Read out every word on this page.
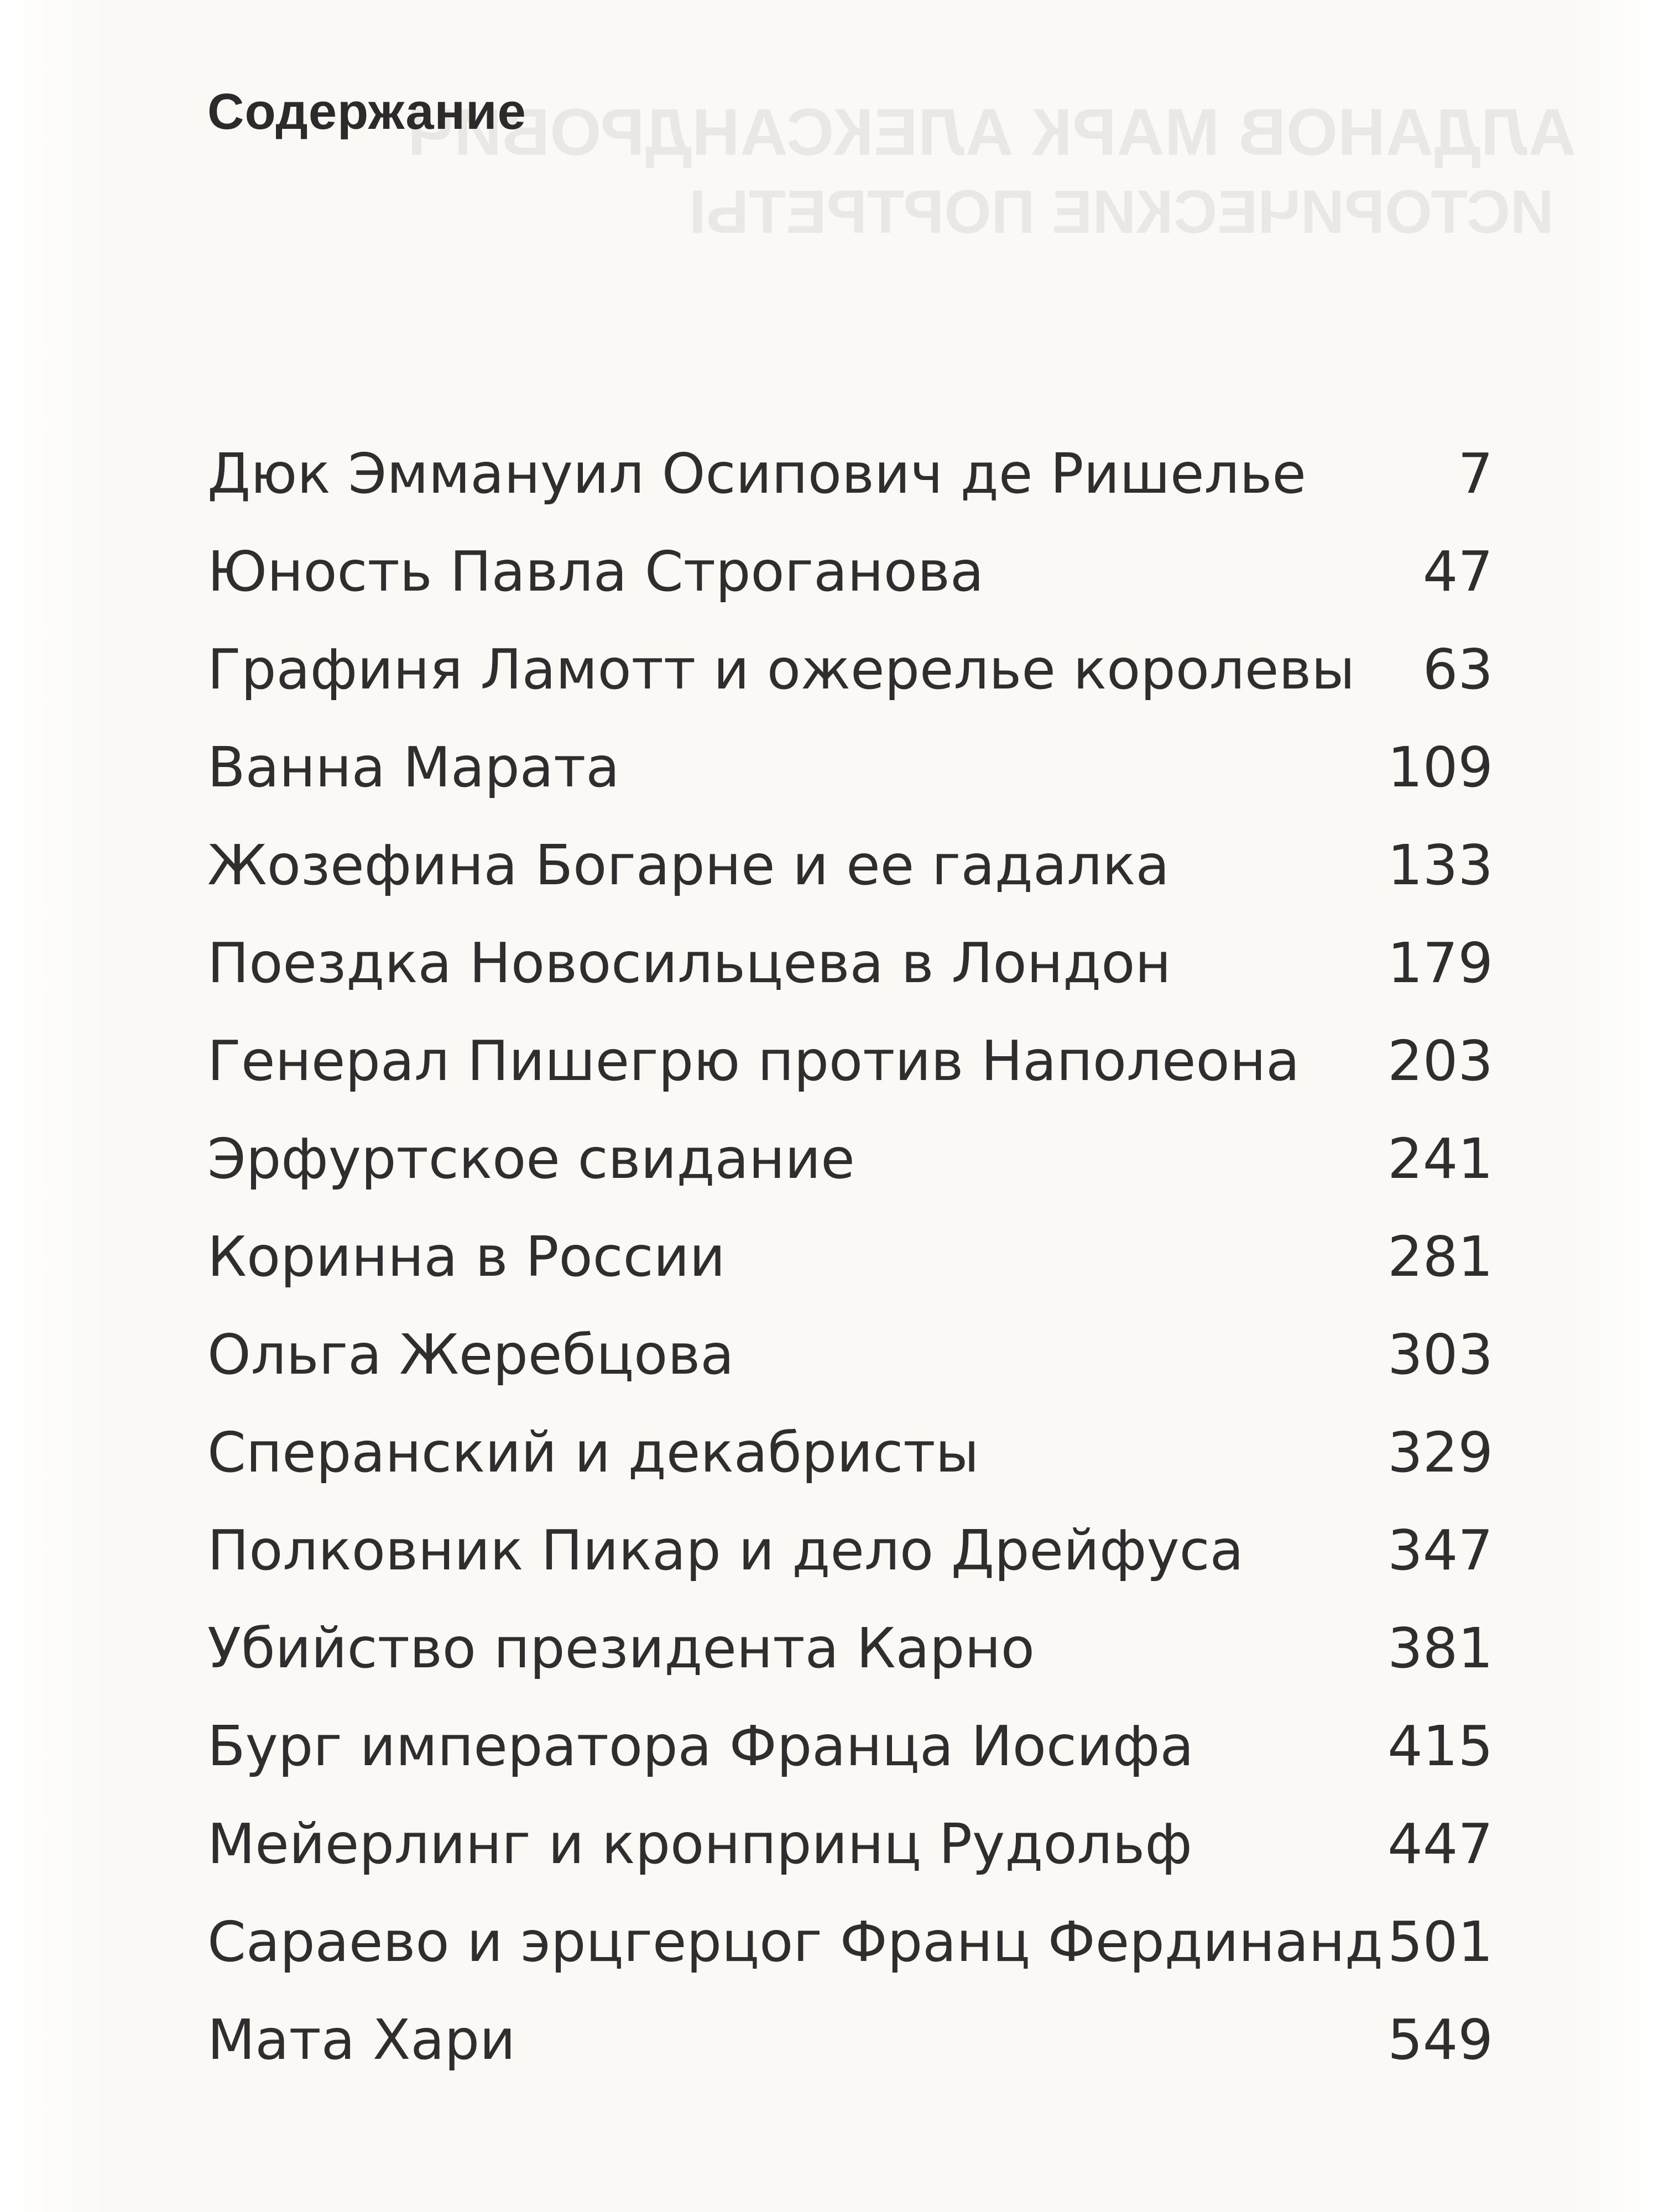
АЛДАНОВ МАРК АЛЕКСАНДРОВИЧ
ИСТОРИЧЕСКИЕ ПОРТРЕТЫ
Содержание
Дюк Эммануил Осипович де Ришелье	7
Юность Павла Строганова	47
Графиня Ламотт и ожерелье королевы 63
Ванна Марата	109
Жозефина Богарне и ее гадалка	133
Поездка Новосильцева в Лондон	179
Генерал Пишегрю против Наполеона 203
Эрфуртское свидание	241
Коринна в России	281
Ольга Жеребцова	303
Сперанский и декабристы	329
Полковник Пикар и дело Дрейфуса	347
Убийство президента Карно	381
Бург императора Франца Иосифа	415
Мейерлинг и кронпринц Рудольф	447
Сараево и эрцгерцог Франц Фердинанд 501
Мата Хари	549
